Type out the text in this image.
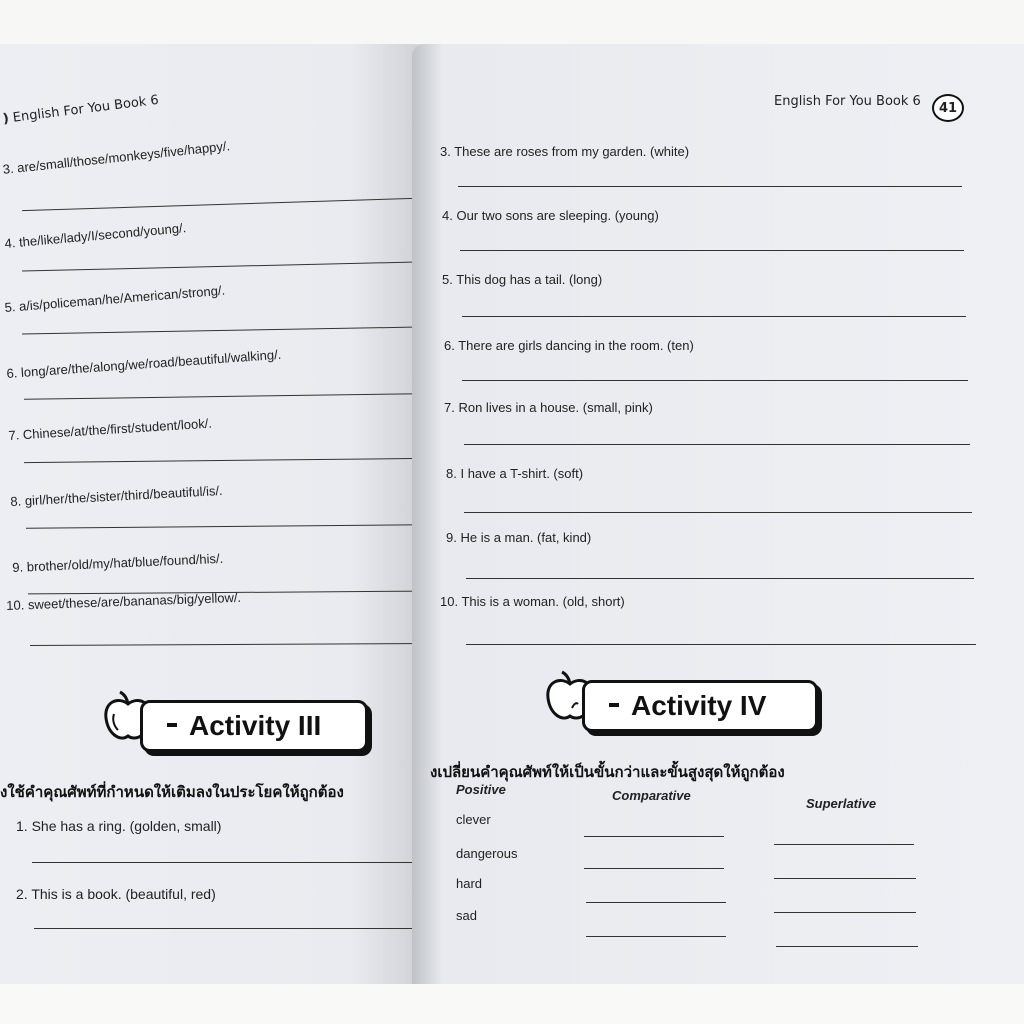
) English For You Book 6
3. are/small/those/monkeys/five/happy/.
4. the/like/lady/I/second/young/.
5. a/is/policeman/he/American/strong/.
6. long/are/the/along/we/road/beautiful/walking/.
7. Chinese/at/the/first/student/look/.
8. girl/her/the/sister/third/beautiful/is/.
9. brother/old/my/hat/blue/found/his/.
10. sweet/these/are/bananas/big/yellow/.
Activity III
งใช้คำคุณศัพท์ที่กำหนดให้เติมลงในประโยคให้ถูกต้อง
1. She has a ring. (golden, small)
2. This is a book. (beautiful, red)
English For You Book 6 41
3. These are roses from my garden. (white)
4. Our two sons are sleeping. (young)
5. This dog has a tail. (long)
6. There are girls dancing in the room. (ten)
7. Ron lives in a house. (small, pink)
8. I have a T-shirt. (soft)
9. He is a man. (fat, kind)
10. This is a woman. (old, short)
Activity IV
งเปลี่ยนคำคุณศัพท์ให้เป็นขั้นกว่าและขั้นสูงสุดให้ถูกต้อง
Positive	Comparative
Superlative
clever
dangerous
hard
sad
